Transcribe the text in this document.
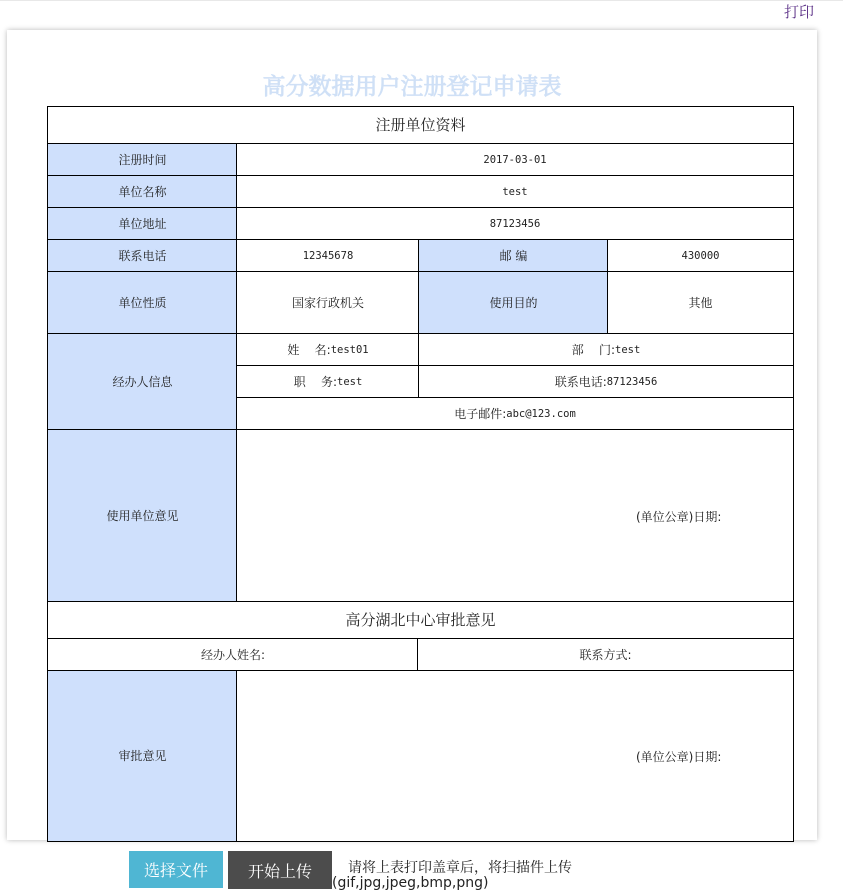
打印
高分数据用户注册登记申请表
注册单位资料
注册时间	2017-03-01
单位名称	test
单位地址	87123456
联系电话	12345678	邮 编	430000
单位性质	国家行政机关	使用目的	其他
经办人信息
姓    名: test01	部    门: test
职    务: test	联系电话: 87123456
电子邮件: abc@123.com
使用单位意见	(单位公章)日期:
高分湖北中心审批意见
经办人姓名:	联系方式:
审批意见	(单位公章)日期:
选择文件	开始上传	请将上表打印盖章后，将扫描件上传
(gif,jpg,jpeg,bmp,png)
